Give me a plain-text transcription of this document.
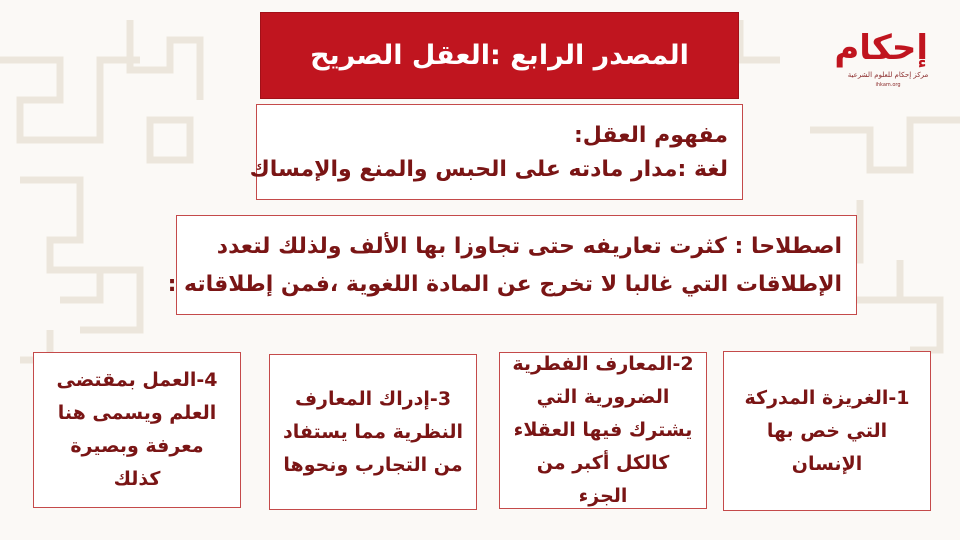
المصدر الرابع :العقل الصريح	إحكام
مركز إحكام للعلوم الشرعية
ihkam.org
مفهوم العقل:
لغة :مدار مادته على الحبس والمنع والإمساك
اصطلاحا : كثرت تعاريفه حتى تجاوزا بها الألف ولذلك لتعدد
الإطلاقات التي غالبا لا تخرج عن المادة اللغوية ،فمن إطلاقاته :
1-الغريزة المدركة التي خص بها الإنسان
2-المعارف الفطرية الضرورية التي يشترك فيها العقلاء كالكل أكبر من الجزء
3-إدراك المعارف النظرية مما يستفاد من التجارب ونحوها
4-العمل بمقتضى العلم ويسمى هنا معرفة وبصيرة كذلك
